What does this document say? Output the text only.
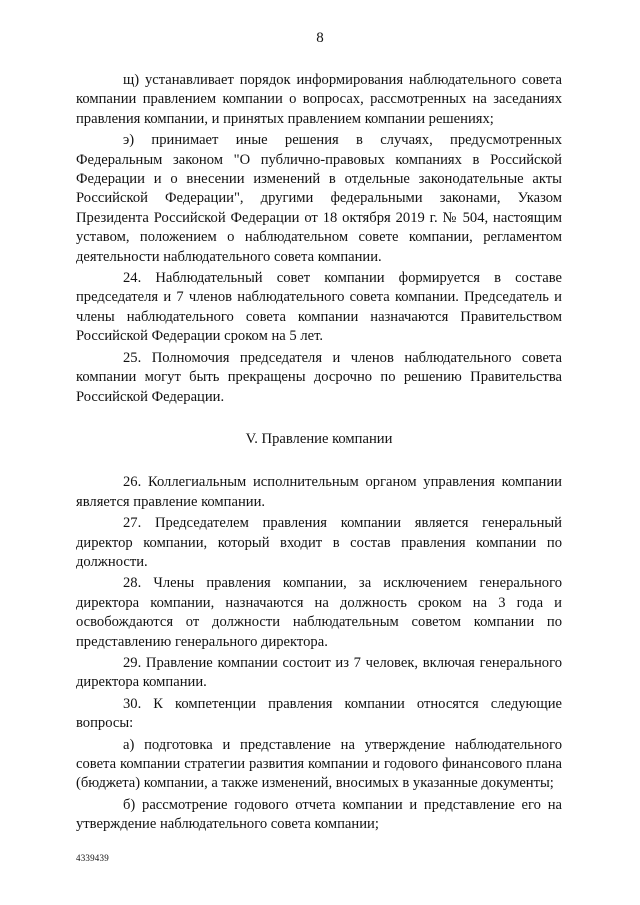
8

щ) устанавливает порядок информирования наблюдательного совета компании правлением компании о вопросах, рассмотренных на заседаниях правления компании, и принятых правлением компании решениях;

э) принимает иные решения в случаях, предусмотренных Федеральным законом "О публично-правовых компаниях в Российской Федерации и о внесении изменений в отдельные законодательные акты Российской Федерации", другими федеральными законами, Указом Президента Российской Федерации от 18 октября 2019 г. № 504, настоящим уставом, положением о наблюдательном совете компании, регламентом деятельности наблюдательного совета компании.

24. Наблюдательный совет компании формируется в составе председателя и 7 членов наблюдательного совета компании. Председатель и члены наблюдательного совета компании назначаются Правительством Российской Федерации сроком на 5 лет.

25. Полномочия председателя и членов наблюдательного совета компании могут быть прекращены досрочно по решению Правительства Российской Федерации.

V. Правление компании

26. Коллегиальным исполнительным органом управления компании является правление компании.

27. Председателем правления компании является генеральный директор компании, который входит в состав правления компании по должности.

28. Члены правления компании, за исключением генерального директора компании, назначаются на должность сроком на 3 года и освобождаются от должности наблюдательным советом компании по представлению генерального директора.

29. Правление компании состоит из 7 человек, включая генерального директора компании.

30. К компетенции правления компании относятся следующие вопросы:

а) подготовка и представление на утверждение наблюдательного совета компании стратегии развития компании и годового финансового плана (бюджета) компании, а также изменений, вносимых в указанные документы;

б) рассмотрение годового отчета компании и представление его на утверждение наблюдательного совета компании;

4339439
